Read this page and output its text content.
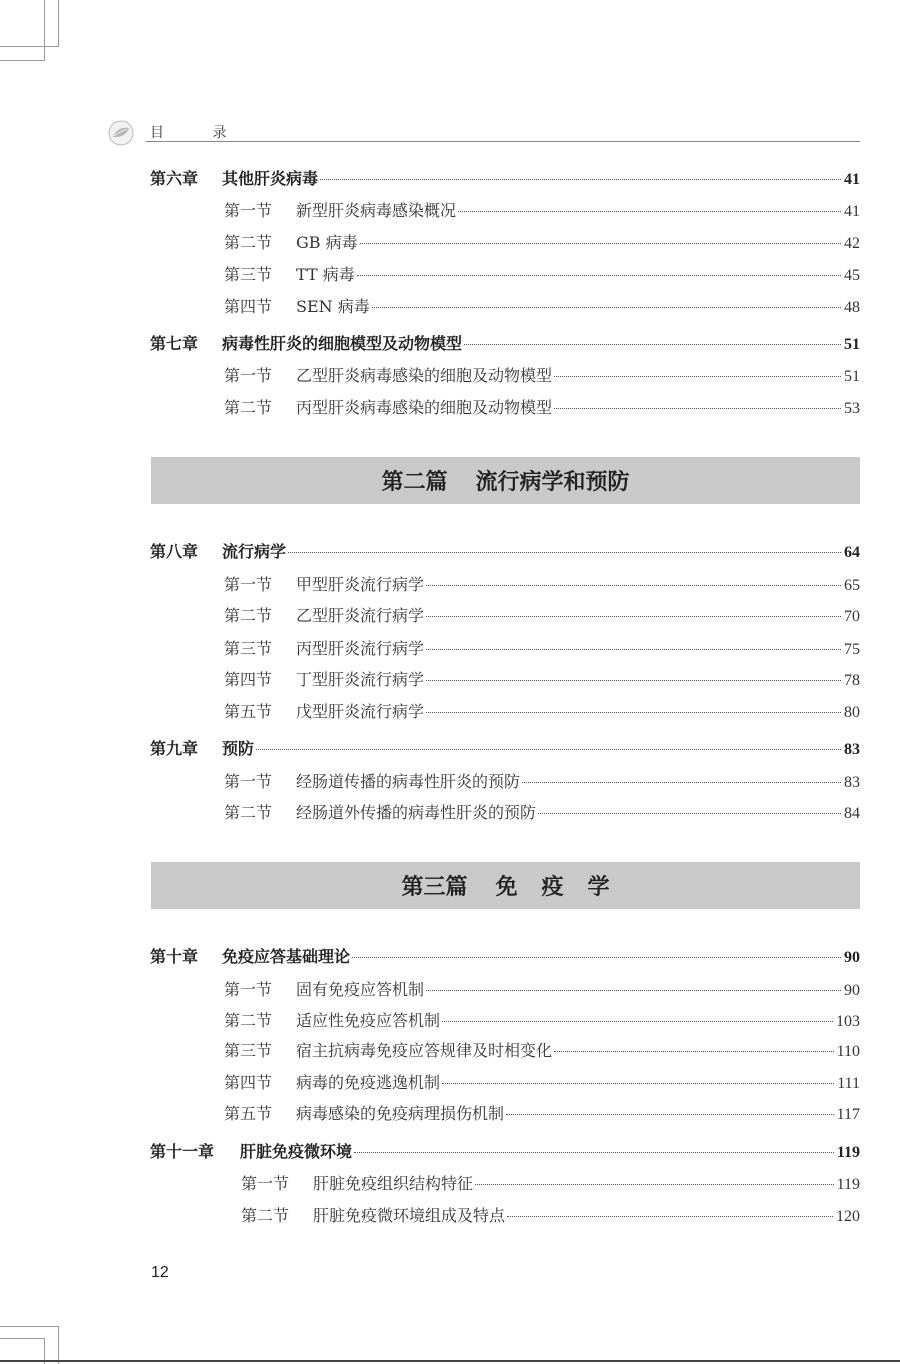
目 录
第六章	其他肝炎病毒	41
第一节	新型肝炎病毒感染概况	41
第二节	GB 病毒	42
第三节	TT 病毒	45
第四节	SEN 病毒	48
第七章	病毒性肝炎的细胞模型及动物模型	51
第一节	乙型肝炎病毒感染的细胞及动物模型	51
第二节	丙型肝炎病毒感染的细胞及动物模型	53
第二篇 流行病学和预防
第八章	流行病学	64
第一节	甲型肝炎流行病学	65
第二节	乙型肝炎流行病学	70
第三节	丙型肝炎流行病学	75
第四节	丁型肝炎流行病学	78
第五节	戊型肝炎流行病学	80
第九章	预防	83
第一节	经肠道传播的病毒性肝炎的预防	83
第二节	经肠道外传播的病毒性肝炎的预防	84
第三篇 免疫学
第十章	免疫应答基础理论	90
第一节	固有免疫应答机制	90
第二节	适应性免疫应答机制	103
第三节	宿主抗病毒免疫应答规律及时相变化	110
第四节	病毒的免疫逃逸机制	111
第五节	病毒感染的免疫病理损伤机制	117
第十一章	肝脏免疫微环境	119
第一节	肝脏免疫组织结构特征	119
第二节	肝脏免疫微环境组成及特点	120
12
